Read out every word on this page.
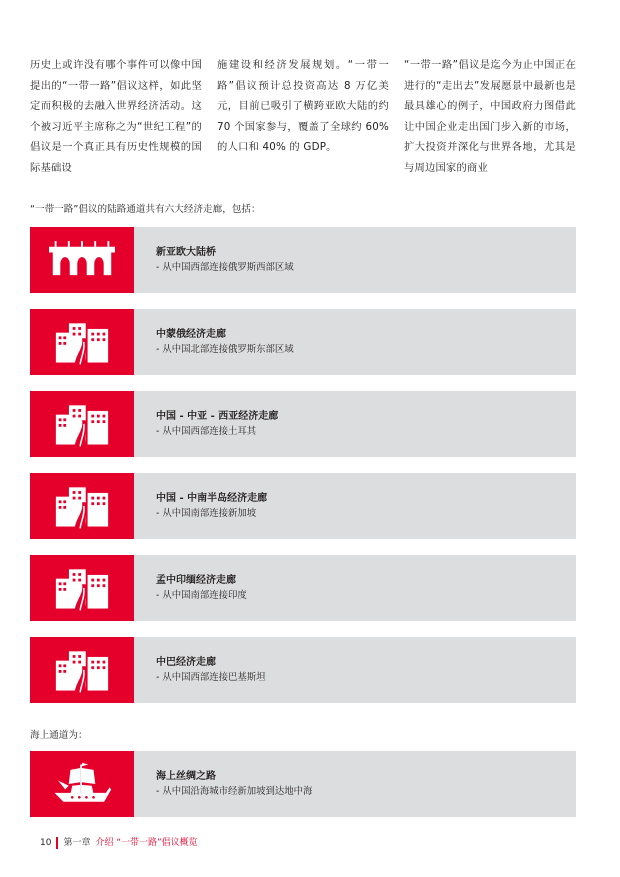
历史上或许没有哪个事件可以像中国提出的“一带一路”倡议这样，如此坚定而积极的去融入世界经济活动。这个被习近平主席称之为“世纪工程”的倡议是一个真正具有历史性规模的国际基础设

施建设和经济发展规划。“一带一路”倡议预计总投资高达 8 万亿美元，目前已吸引了横跨亚欧大陆的约 70 个国家参与，覆盖了全球约 60% 的人口和 40% 的 GDP。

“一带一路”倡议是迄今为止中国正在进行的“走出去”发展愿景中最新也是最具雄心的例子，中国政府力图借此让中国企业走出国门步入新的市场，扩大投资并深化与世界各地，尤其是与周边国家的商业

“一带一路”倡议的陆路通道共有六大经济走廊，包括：

新亚欧大陆桥
- 从中国西部连接俄罗斯西部区域
中蒙俄经济走廊
- 从中国北部连接俄罗斯东部区域
中国 - 中亚 - 西亚经济走廊
- 从中国西部连接土耳其
中国 - 中南半岛经济走廊
- 从中国南部连接新加坡
孟中印缅经济走廊
- 从中国南部连接印度
中巴经济走廊
- 从中国西部连接巴基斯坦

海上通道为：

海上丝绸之路
- 从中国沿海城市经新加坡到达地中海
10 第一章 介绍 “一带一路”倡议概览
